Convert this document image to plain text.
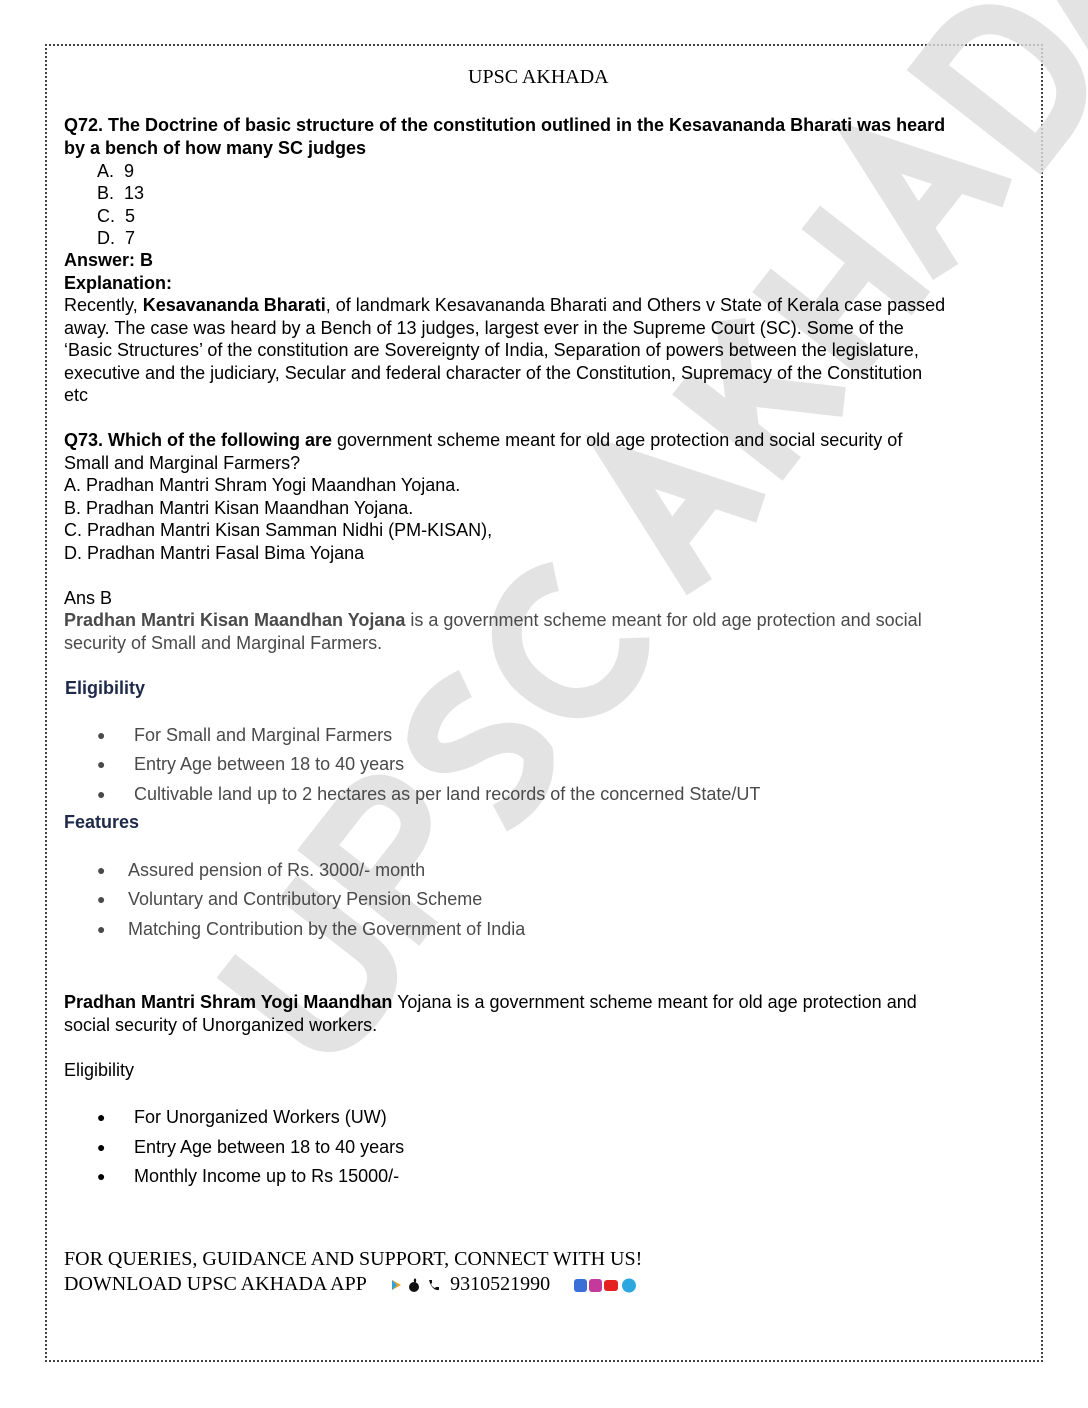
UPSC AKHADA
Q72. The Doctrine of basic structure of the constitution outlined in the Kesavananda Bharati was heard
by a bench of how many SC judges
A. 9
B. 13
C. 5
D. 7
Answer: B
Explanation:
Recently, Kesavananda Bharati, of landmark Kesavananda Bharati and Others v State of Kerala case passed
away. The case was heard by a Bench of 13 judges, largest ever in the Supreme Court (SC). Some of the
‘Basic Structures’ of the constitution are Sovereignty of India, Separation of powers between the legislature,
executive and the judiciary, Secular and federal character of the Constitution, Supremacy of the Constitution
etc
Q73. Which of the following are government scheme meant for old age protection and social security of
Small and Marginal Farmers?
A. Pradhan Mantri Shram Yogi Maandhan Yojana.
B. Pradhan Mantri Kisan Maandhan Yojana.
C. Pradhan Mantri Kisan Samman Nidhi (PM-KISAN),
D. Pradhan Mantri Fasal Bima Yojana
Ans B
Pradhan Mantri Kisan Maandhan Yojana is a government scheme meant for old age protection and social
security of Small and Marginal Farmers.
Eligibility
● For Small and Marginal Farmers
● Entry Age between 18 to 40 years
● Cultivable land up to 2 hectares as per land records of the concerned State/UT
Features
● Assured pension of Rs. 3000/- month
● Voluntary and Contributory Pension Scheme
● Matching Contribution by the Government of India
Pradhan Mantri Shram Yogi Maandhan Yojana is a government scheme meant for old age protection and
social security of Unorganized workers.
Eligibility
● For Unorganized Workers (UW)
● Entry Age between 18 to 40 years
● Monthly Income up to Rs 15000/-
FOR QUERIES, GUIDANCE AND SUPPORT, CONNECT WITH US!
DOWNLOAD UPSC AKHADA APP	9310521990
